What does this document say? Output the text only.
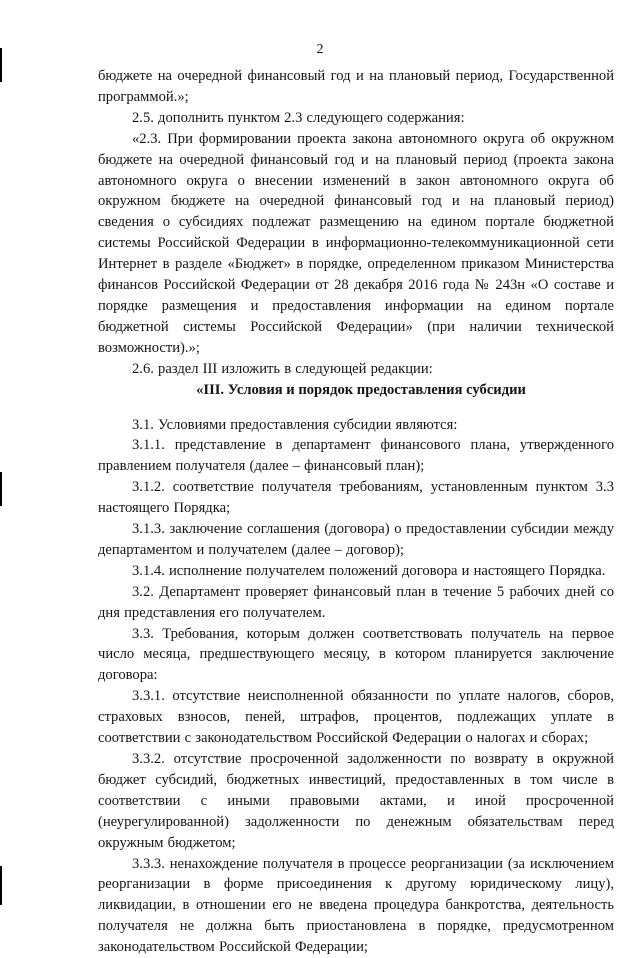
2

бюджете на очередной финансовый год и на плановый период, Государственной программой.»;

2.5. дополнить пунктом 2.3 следующего содержания:

«2.3. При формировании проекта закона автономного округа об окружном бюджете на очередной финансовый год и на плановый период (проекта закона автономного округа о внесении изменений в закон автономного округа об окружном бюджете на очередной финансовый год и на плановый период) сведения о субсидиях подлежат размещению на едином портале бюджетной системы Российской Федерации в информационно-телекоммуникационной сети Интернет в разделе «Бюджет» в порядке, определенном приказом Министерства финансов Российской Федерации от 28 декабря 2016 года № 243н «О составе и порядке размещения и предоставления информации на едином портале бюджетной системы Российской Федерации» (при наличии технической возможности).»;

2.6. раздел III изложить в следующей редакции:

«III. Условия и порядок предоставления субсидии

3.1. Условиями предоставления субсидии являются:

3.1.1. представление в департамент финансового плана, утвержденного правлением получателя (далее – финансовый план);

3.1.2. соответствие получателя требованиям, установленным пунктом 3.3 настоящего Порядка;

3.1.3. заключение соглашения (договора) о предоставлении субсидии между департаментом и получателем (далее – договор);

3.1.4. исполнение получателем положений договора и настоящего Порядка.

3.2. Департамент проверяет финансовый план в течение 5 рабочих дней со дня представления его получателем.

3.3. Требования, которым должен соответствовать получатель на первое число месяца, предшествующего месяцу, в котором планируется заключение договора:

3.3.1. отсутствие неисполненной обязанности по уплате налогов, сборов, страховых взносов, пеней, штрафов, процентов, подлежащих уплате в соответствии с законодательством Российской Федерации о налогах и сборах;

3.3.2. отсутствие просроченной задолженности по возврату в окружной бюджет субсидий, бюджетных инвестиций, предоставленных в том числе в соответствии с иными правовыми актами, и иной просроченной (неурегулированной) задолженности по денежным обязательствам перед окружным бюджетом;

3.3.3. ненахождение получателя в процессе реорганизации (за исключением реорганизации в форме присоединения к другому юридическому лицу), ликвидации, в отношении его не введена процедура банкротства, деятельность получателя не должна быть приостановлена в порядке, предусмотренном законодательством Российской Федерации;
